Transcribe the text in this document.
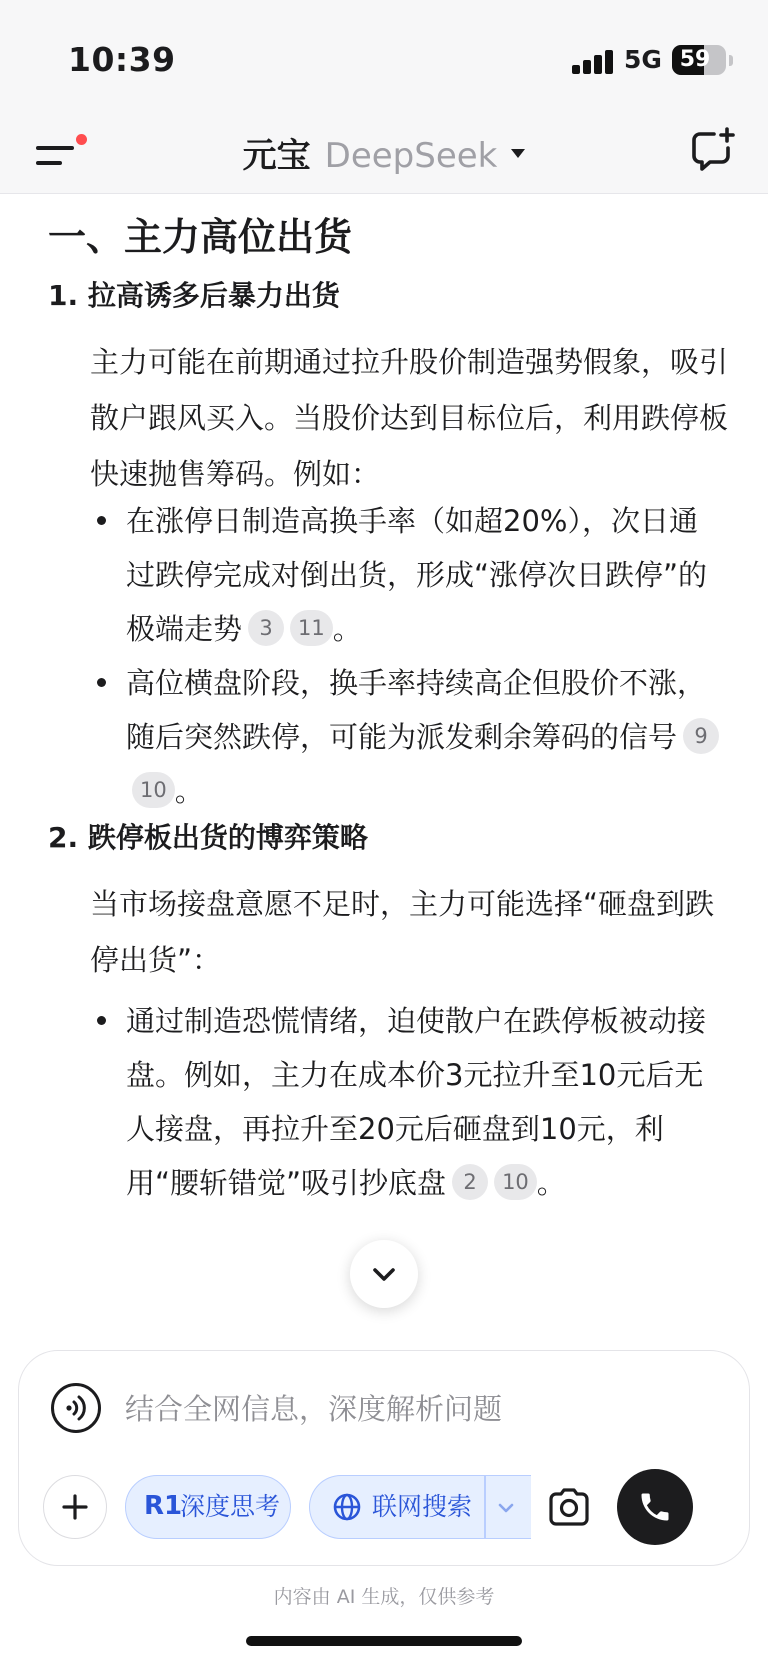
10:39	5G 59
元宝 DeepSeek
一、主力高位出货
1. 拉高诱多后暴力出货
主力可能在前期通过拉升股价制造强势假象，吸引散户跟风买入。当股价达到目标位后，利用跌停板快速抛售筹码。例如：
在涨停日制造高换手率（如超20%），次日通过跌停完成对倒出货，形成“涨停次日跌停”的极端走势 3 11 。
高位横盘阶段，换手率持续高企但股价不涨，随后突然跌停，可能为派发剩余筹码的信号 910 。
2. 跌停板出货的博弈策略
当市场接盘意愿不足时，主力可能选择“砸盘到跌停出货”：
通过制造恐慌情绪，迫使散户在跌停板被动接盘。例如，主力在成本价3元拉升至10元后无人接盘，再拉升至20元后砸盘到10元，利用“腰斩错觉”吸引抄底盘 2 10 。
结合全网信息，深度解析问题
R1
深度思考	联网搜索
内容由 AI 生成，仅供参考
